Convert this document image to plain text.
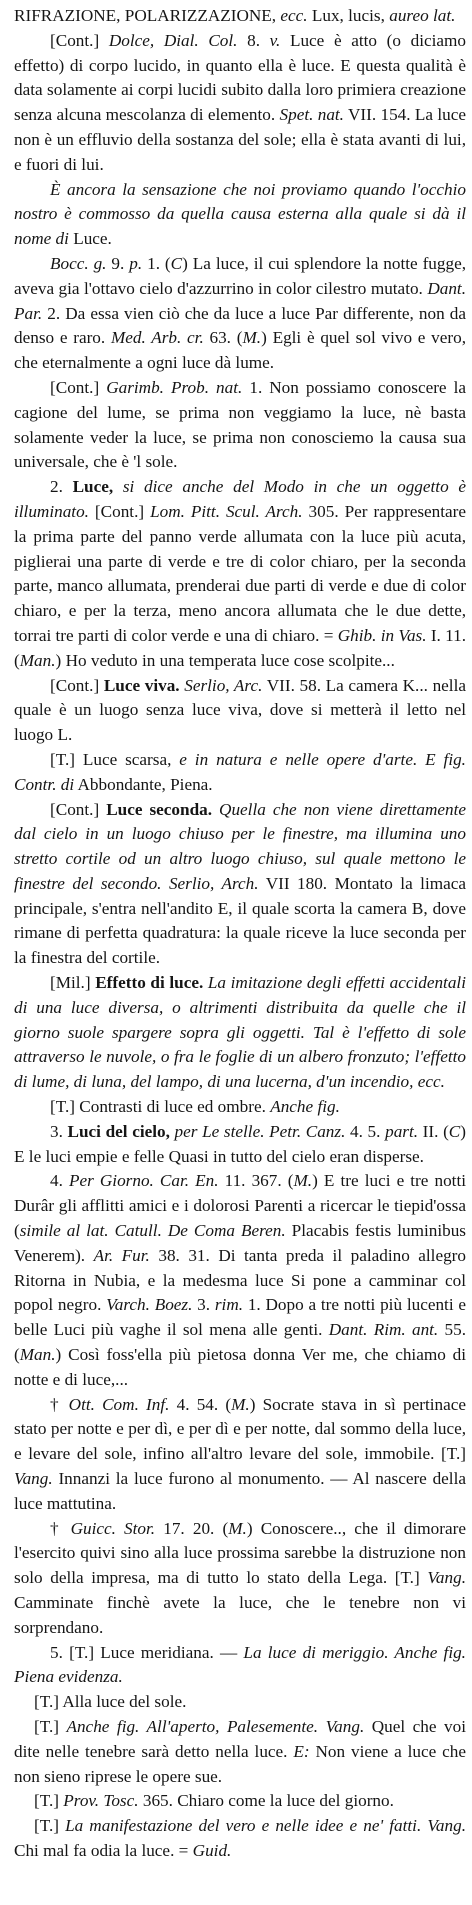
RIFRAZIONE, POLARIZZAZIONE, ecc. Lux, lucis, aureo lat.

[Cont.] Dolce, Dial. Col. 8. v. Luce è atto (o diciamo effetto) di corpo lucido, in quanto ella è luce. E questa qualità è data solamente ai corpi lucidi subito dalla loro primiera creazione senza alcuna mescolanza di elemento. Spet. nat. VII. 154. La luce non è un effluvio della sostanza del sole; ella è stata avanti di lui, e fuori di lui.

È ancora la sensazione che noi proviamo quando l'occhio nostro è commosso da quella causa esterna alla quale si dà il nome di Luce.

Bocc. g. 9. p. 1. (C) La luce, il cui splendore la notte fugge, aveva gia l'ottavo cielo d'azzurrino in color cilestro mutato. Dant. Par. 2. Da essa vien ciò che da luce a luce Par differente, non da denso e raro. Med. Arb. cr. 63. (M.) Egli è quel sol vivo e vero, che eternalmente a ogni luce dà lume.

[Cont.] Garimb. Prob. nat. 1. Non possiamo conoscere la cagione del lume, se prima non veggiamo la luce, nè basta solamente veder la luce, se prima non conosciemo la causa sua universale, che è 'l sole.

2. Luce, si dice anche del Modo in che un oggetto è illuminato. [Cont.] Lom. Pitt. Scul. Arch. 305. Per rappresentare la prima parte del panno verde allumata con la luce più acuta, piglierai una parte di verde e tre di color chiaro, per la seconda parte, manco allumata, prenderai due parti di verde e due di color chiaro, e per la terza, meno ancora allumata che le due dette, torrai tre parti di color verde e una di chiaro. = Ghib. in Vas. I. 11. (Man.) Ho veduto in una temperata luce cose scolpite...

[Cont.] Luce viva. Serlio, Arc. VII. 58. La camera K... nella quale è un luogo senza luce viva, dove si metterà il letto nel luogo L.

[T.] Luce scarsa, e in natura e nelle opere d'arte. E fig. Contr. di Abbondante, Piena.

[Cont.] Luce seconda. Quella che non viene direttamente dal cielo in un luogo chiuso per le finestre, ma illumina uno stretto cortile od un altro luogo chiuso, sul quale mettono le finestre del secondo. Serlio, Arch. VII 180. Montato la limaca principale, s'entra nell'andito E, il quale scorta la camera B, dove rimane di perfetta quadratura: la quale riceve la luce seconda per la finestra del cortile.

[Mil.] Effetto di luce. La imitazione degli effetti accidentali di una luce diversa, o altrimenti distribuita da quelle che il giorno suole spargere sopra gli oggetti. Tal è l'effetto di sole attraverso le nuvole, o fra le foglie di un albero fronzuto; l'effetto di lume, di luna, del lampo, di una lucerna, d'un incendio, ecc.

[T.] Contrasti di luce ed ombre. Anche fig.

3. Luci del cielo, per Le stelle. Petr. Canz. 4. 5. part. II. (C) E le luci empie e felle Quasi in tutto del cielo eran disperse.

4. Per Giorno. Car. En. 11. 367. (M.) E tre luci e tre notti Durâr gli afflitti amici e i dolorosi Parenti a ricercar le tiepid'ossa (simile al lat. Catull. De Coma Beren. Placabis festis luminibus Venerem). Ar. Fur. 38. 31. Di tanta preda il paladino allegro Ritorna in Nubia, e la medesma luce Si pone a camminar col popol negro. Varch. Boez. 3. rim. 1. Dopo a tre notti più lucenti e belle Luci più vaghe il sol mena alle genti. Dant. Rim. ant. 55. (Man.) Così foss'ella più pietosa donna Ver me, che chiamo di notte e di luce,...

† Ott. Com. Inf. 4. 54. (M.) Socrate stava in sì pertinace stato per notte e per dì, e per dì e per notte, dal sommo della luce, e levare del sole, infino all'altro levare del sole, immobile. [T.] Vang. Innanzi la luce furono al monumento. — Al nascere della luce mattutina.

† Guicc. Stor. 17. 20. (M.) Conoscere.., che il dimorare l'esercito quivi sino alla luce prossima sarebbe la distruzione non solo della impresa, ma di tutto lo stato della Lega. [T.] Vang. Camminate finchè avete la luce, che le tenebre non vi sorprendano.

5. [T.] Luce meridiana. — La luce di meriggio. Anche fig. Piena evidenza.

[T.] Alla luce del sole.

[T.] Anche fig. All'aperto, Palesemente. Vang. Quel che voi dite nelle tenebre sarà detto nella luce. E: Non viene a luce che non sieno riprese le opere sue.

[T.] Prov. Tosc. 365. Chiaro come la luce del giorno.

[T.] La manifestazione del vero e nelle idee e ne' fatti. Vang. Chi mal fa odia la luce. = Guid.
